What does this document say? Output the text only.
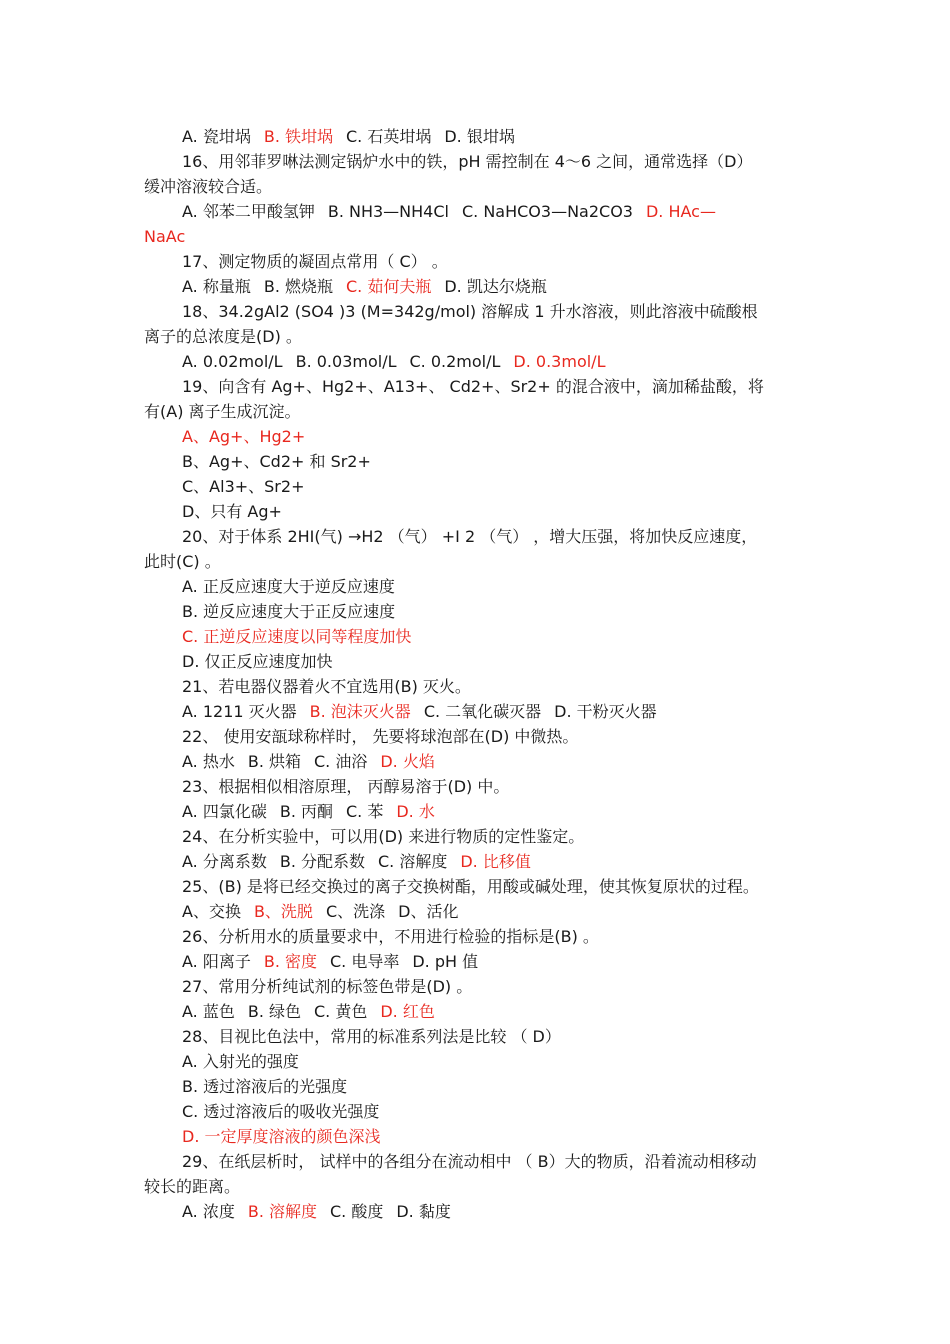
A. 瓷坩埚 B. 铁坩埚 C. 石英坩埚 D. 银坩埚
16、用邻菲罗啉法测定锅炉水中的铁，pH 需控制在 4～6 之间，通常选择（D）
缓冲溶液较合适。
A. 邻苯二甲酸氢钾 B. NH3—NH4Cl C. NaHCO3—Na2CO3 D. HAc—
NaAc
17、测定物质的凝固点常用（ C） 。
A. 称量瓶 B. 燃烧瓶 C. 茹何夫瓶 D. 凯达尔烧瓶
18、34.2gAl2 (SO4 )3 (M=342g/mol) 溶解成 1 升水溶液，则此溶液中硫酸根
离子的总浓度是(D) 。
A. 0.02mol/L B. 0.03mol/L C. 0.2mol/L D. 0.3mol/L
19、向含有 Ag+、Hg2+、A13+、 Cd2+、Sr2+ 的混合液中，滴加稀盐酸，将
有(A) 离子生成沉淀。
A、Ag+、Hg2+
B、Ag+、Cd2+ 和 Sr2+
C、Al3+、Sr2+
D、只有 Ag+
20、对于体系 2HI(气) →H2 （气） +I 2 （气） ，增大压强，将加快反应速度，
此时(C) 。
A. 正反应速度大于逆反应速度
B. 逆反应速度大于正反应速度
C. 正逆反应速度以同等程度加快
D. 仅正反应速度加快
21、若电器仪器着火不宜选用(B) 灭火。
A. 1211 灭火器 B. 泡沫灭火器 C. 二氧化碳灭器 D. 干粉灭火器
22、 使用安瓿球称样时， 先要将球泡部在(D) 中微热。
A. 热水 B. 烘箱 C. 油浴 D. 火焰
23、根据相似相溶原理， 丙醇易溶于(D) 中。
A. 四氯化碳 B. 丙酮 C. 苯 D. 水
24、在分析实验中，可以用(D) 来进行物质的定性鉴定。
A. 分离系数 B. 分配系数 C. 溶解度 D. 比移值
25、(B) 是将已经交换过的离子交换树酯，用酸或碱处理，使其恢复原状的过程。
A、交换 B、洗脱 C、洗涤 D、活化
26、分析用水的质量要求中，不用进行检验的指标是(B) 。
A. 阳离子 B. 密度 C. 电导率 D. pH 值
27、常用分析纯试剂的标签色带是(D) 。
A. 蓝色 B. 绿色 C. 黄色 D. 红色
28、目视比色法中，常用的标准系列法是比较 （ D）
A. 入射光的强度
B. 透过溶液后的光强度
C. 透过溶液后的吸收光强度
D. 一定厚度溶液的颜色深浅
29、在纸层析时， 试样中的各组分在流动相中 （ B）大的物质，沿着流动相移动
较长的距离。
A. 浓度 B. 溶解度 C. 酸度 D. 黏度
